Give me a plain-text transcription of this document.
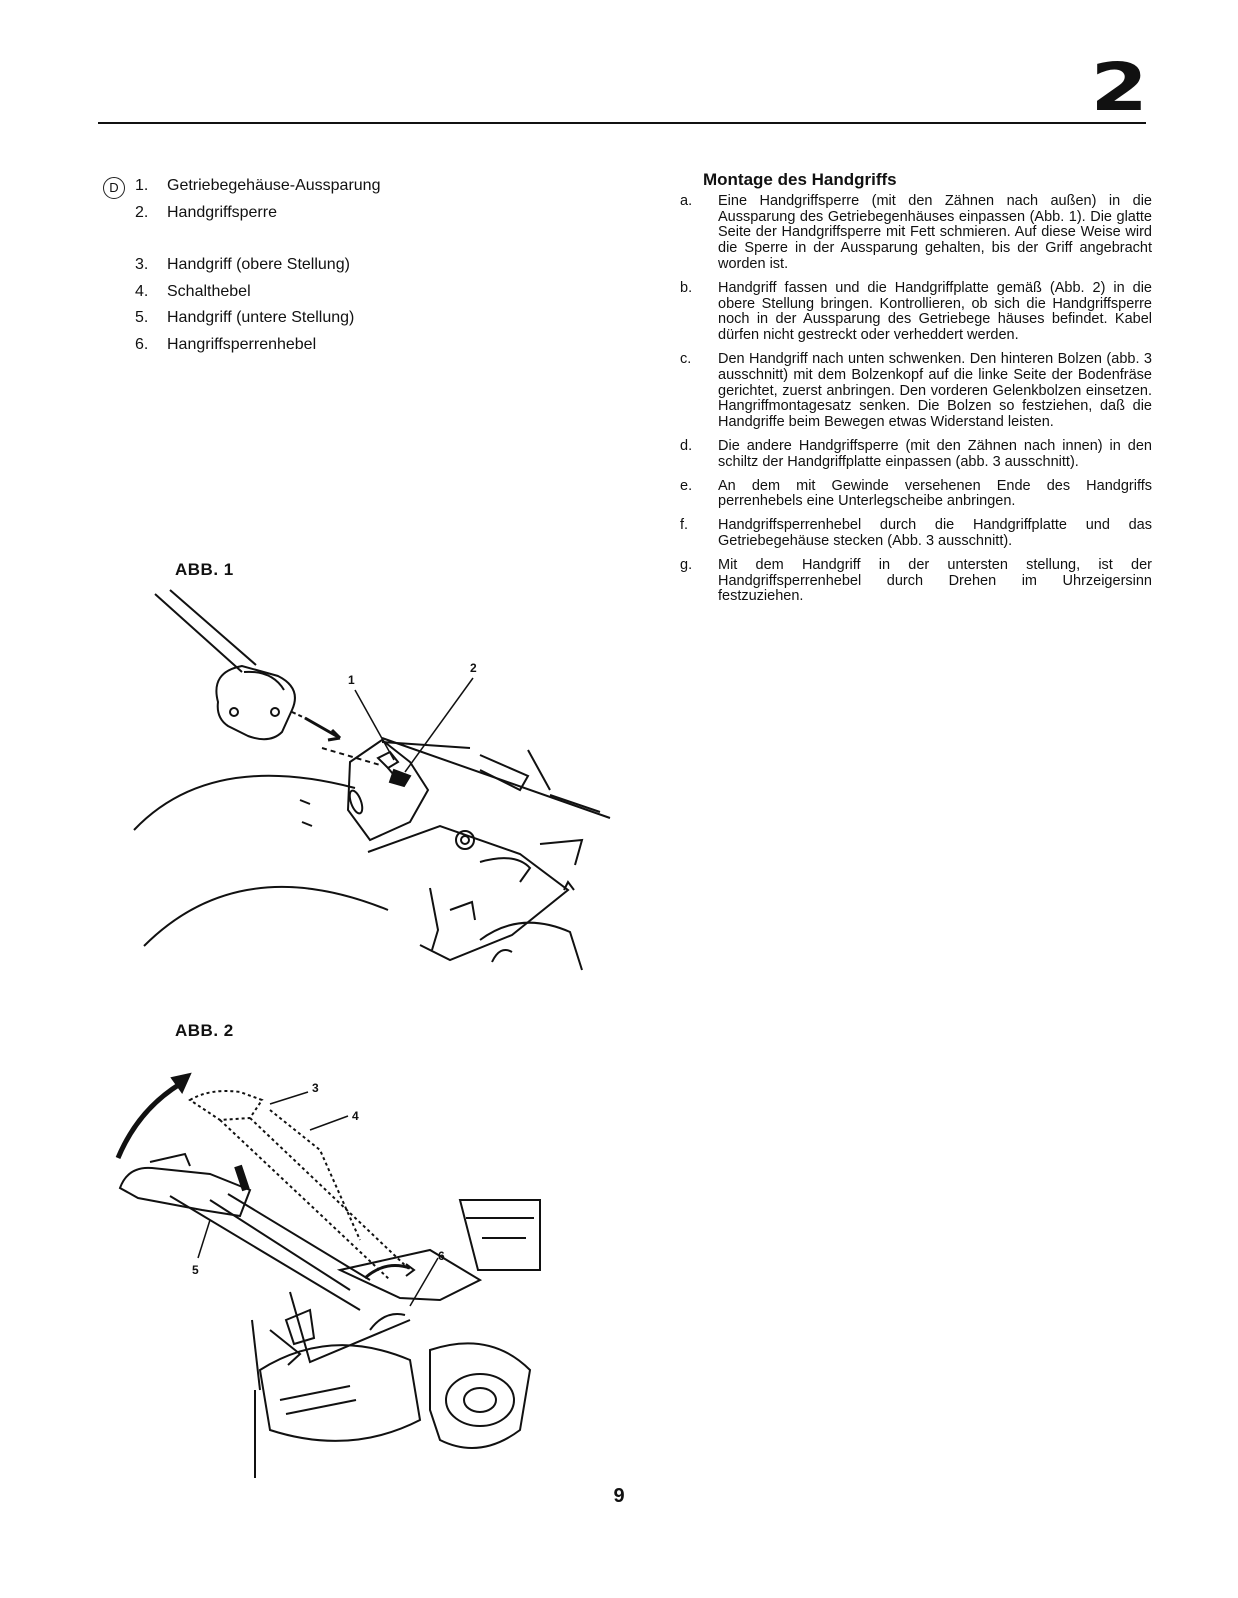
2
D	1. Getriebegehäuse-Aussparung
2. Handgriffsperre
3. Handgriff (obere Stellung)
4. Schalthebel
5. Handgriff (untere Stellung)
6. Hangriffsperrenhebel
ABB. 1
1
2
ABB. 2
3
4
5
6
Montage des Handgriffs
a. Eine Handgriffsperre (mit den Zähnen nach außen) in die Aussparung des Getriebegenhäuses einpassen (Abb. 1). Die glatte Seite der Handgriffsperre mit Fett schmieren. Auf diese Weise wird die Sperre in der Aussparung gehalten, bis der Griff angebracht worden ist.
b. Handgriff fassen und die Handgriffplatte gemäß (Abb. 2) in die obere Stellung bringen. Kontrollieren, ob sich die Handgriffsperre noch in der Aussparung des Getriebege häuses befindet. Kabel dürfen nicht gestreckt oder verheddert werden.
c. Den Handgriff nach unten schwenken. Den hinteren Bolzen (abb. 3 ausschnitt) mit dem Bolzenkopf auf die linke Seite der Bodenfräse gerichtet, zuerst anbringen. Den vorderen Gelenkbolzen einsetzen. Hangriffmontagesatz senken. Die Bolzen so festziehen, daß die Handgriffe beim Bewegen etwas Widerstand leisten.
d. Die andere Handgriffsperre (mit den Zähnen nach innen) in den schiltz der Handgriffplatte einpassen (abb. 3 ausschnitt).
e. An dem mit Gewinde versehenen Ende des Handgriffs perrenhebels eine Unterlegscheibe anbringen.
f. Handgriffsperrenhebel durch die Handgriffplatte und das Getriebegehäuse stecken (Abb. 3 ausschnitt).
g. Mit dem Handgriff in der untersten stellung, ist der Handgriffsperrenhebel durch Drehen im Uhrzeigersinn festzuziehen.
9
